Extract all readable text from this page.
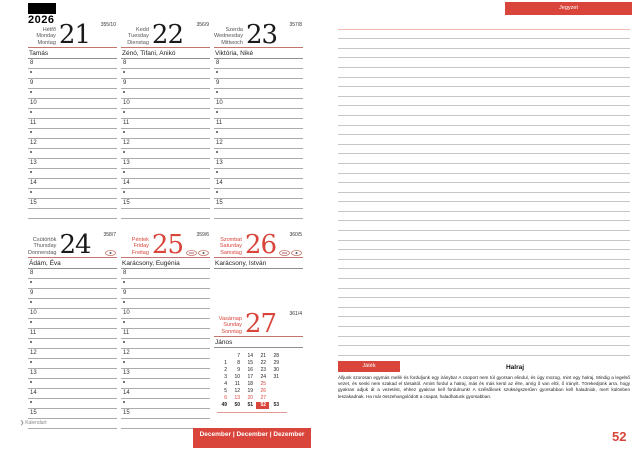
2026
Hétfő
Monday
Montag 21 355/10
Tamás
8
9
10
11
12
13
14
15
Kedd
Tuesday
Dienstag 22	356/9
Zénó, Tifani, Anikó
8
9
10
11
12
13
14
15
Szerda
Wednesday
Mittwoch 23 357/8
Viktória, Niké
8
9
10
11
12
13
14
15
Csütörtök
Thursday
Donnerstag 24	358/7
Ádám, Éva
8
9
10
11
12
13
14
15
Péntek
Friday
Freitag 25	359/6
Karácsony, Eugénia
8
9
10
11
12
13
14
15
Szombat
Saturday
Samstag 26	360/5
Karácsony, István
Vasárnap
Sunday
Sonntag 27	361/4
János
7	14	21	28
1	8	15	22	29
2	9	16	23	30
3	10	17	24	31
4	11	18	25
5	12	19	26
6	13	20	27
49	50	51	52	53
❯Kalendart
December | December | Dezember
Jegyzet
Játék	Halraj
Álljunk szorosan egymás mellé és forduljunk egy irányba! A csoport nem túl gyorsan elindul, és úgy mozog, mint egy halraj. Mindig a legelső vezet, és senki nem szakad el társaitól. Amint fordul a halraj, más és más kerül az élre, amíg ő van elöl, ő irányít. Törekedjünk arra, hogy gyakran adjuk át a vezetést, ehhez gyakran kell fordulnunk! A szélsőknek szükségszerűen gyorsabban kell haladniuk, mert különben leszakadnak. Ha már összehangolódott a csapat, haladhatunk gyorsabban.
52
